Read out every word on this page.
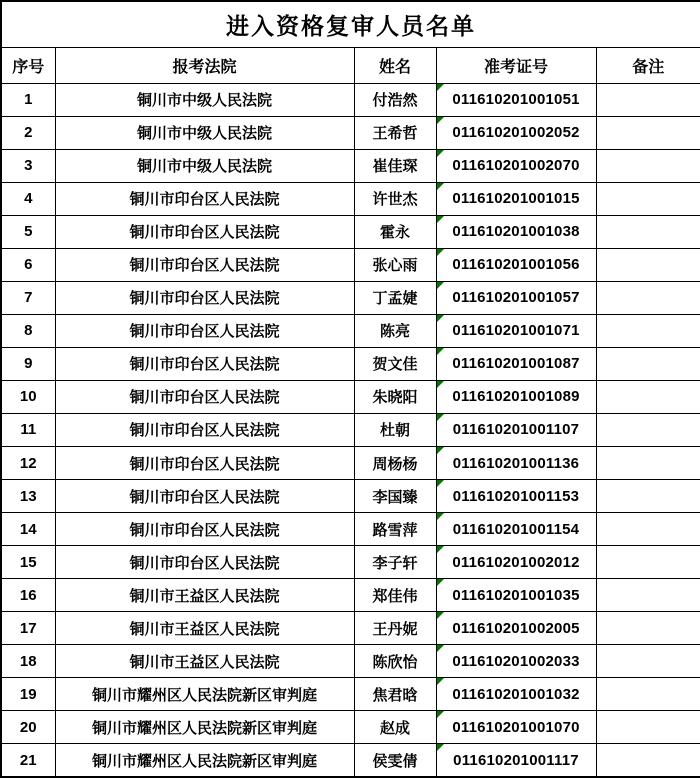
进入资格复审人员名单				
序号	报考法院	姓名	准考证号	备注
1	铜川市中级人民法院	付浩然	011610201001051	
2	铜川市中级人民法院	王希哲	011610201002052	
3	铜川市中级人民法院	崔佳琛	011610201002070	
4	铜川市印台区人民法院	许世杰	011610201001015	
5	铜川市印台区人民法院	霍永	011610201001038	
6	铜川市印台区人民法院	张心雨	011610201001056	
7	铜川市印台区人民法院	丁孟婕	011610201001057	
8	铜川市印台区人民法院	陈亮	011610201001071	
9	铜川市印台区人民法院	贺文佳	011610201001087	
10	铜川市印台区人民法院	朱晓阳	011610201001089	
11	铜川市印台区人民法院	杜朝	011610201001107	
12	铜川市印台区人民法院	周杨杨	011610201001136	
13	铜川市印台区人民法院	李国臻	011610201001153	
14	铜川市印台区人民法院	路雪萍	011610201001154	
15	铜川市印台区人民法院	李子轩	011610201002012	
16	铜川市王益区人民法院	郑佳伟	011610201001035	
17	铜川市王益区人民法院	王丹妮	011610201002005	
18	铜川市王益区人民法院	陈欣怡	011610201002033	
19	铜川市耀州区人民法院新区审判庭	焦君晗	011610201001032	
20	铜川市耀州区人民法院新区审判庭	赵成	011610201001070	
21	铜川市耀州区人民法院新区审判庭	侯雯倩	011610201001117	
